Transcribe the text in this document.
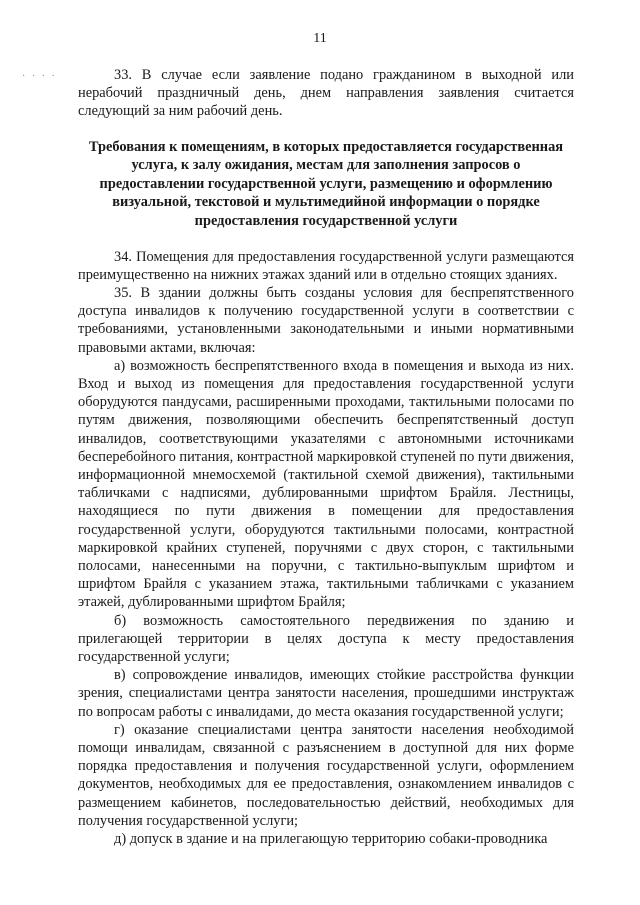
11
· · · ·	33. В случае если заявление подано гражданином в выходной или нерабочий праздничный день, днем направления заявления считается следующий за ним рабочий день.

Требования к помещениям, в которых предоставляется государственная услуга, к залу ожидания, местам для заполнения запросов о предоставлении государственной услуги, размещению и оформлению визуальной, текстовой и мультимедийной информации о порядке предоставления государственной услуги

34. Помещения для предоставления государственной услуги размещаются преимущественно на нижних этажах зданий или в отдельно стоящих зданиях.

35. В здании должны быть созданы условия для беспрепятственного доступа инвалидов к получению государственной услуги в соответствии с требованиями, установленными законодательными и иными нормативными правовыми актами, включая:

а) возможность беспрепятственного входа в помещения и выхода из них. Вход и выход из помещения для предоставления государственной услуги оборудуются пандусами, расширенными проходами, тактильными полосами по путям движения, позволяющими обеспечить беспрепятственный доступ инвалидов, соответствующими указателями с автономными источниками бесперебойного питания, контрастной маркировкой ступеней по пути движения, информационной мнемосхемой (тактильной схемой движения), тактильными табличками с надписями, дублированными шрифтом Брайля. Лестницы, находящиеся по пути движения в помещении для предоставления государственной услуги, оборудуются тактильными полосами, контрастной маркировкой крайних ступеней, поручнями с двух сторон, с тактильными полосами, нанесенными на поручни, с тактильно-выпуклым шрифтом и шрифтом Брайля с указанием этажа, тактильными табличками с указанием этажей, дублированными шрифтом Брайля;

б) возможность самостоятельного передвижения по зданию и прилегающей территории в целях доступа к месту предоставления государственной услуги;

в) сопровождение инвалидов, имеющих стойкие расстройства функции зрения, специалистами центра занятости населения, прошедшими инструктаж по вопросам работы с инвалидами, до места оказания государственной услуги;

г) оказание специалистами центра занятости населения необходимой помощи инвалидам, связанной с разъяснением в доступной для них форме порядка предоставления и получения государственной услуги, оформлением документов, необходимых для ее предоставления, ознакомлением инвалидов с размещением кабинетов, последовательностью действий, необходимых для получения государственной услуги;

д) допуск в здание и на прилегающую территорию собаки-проводника
